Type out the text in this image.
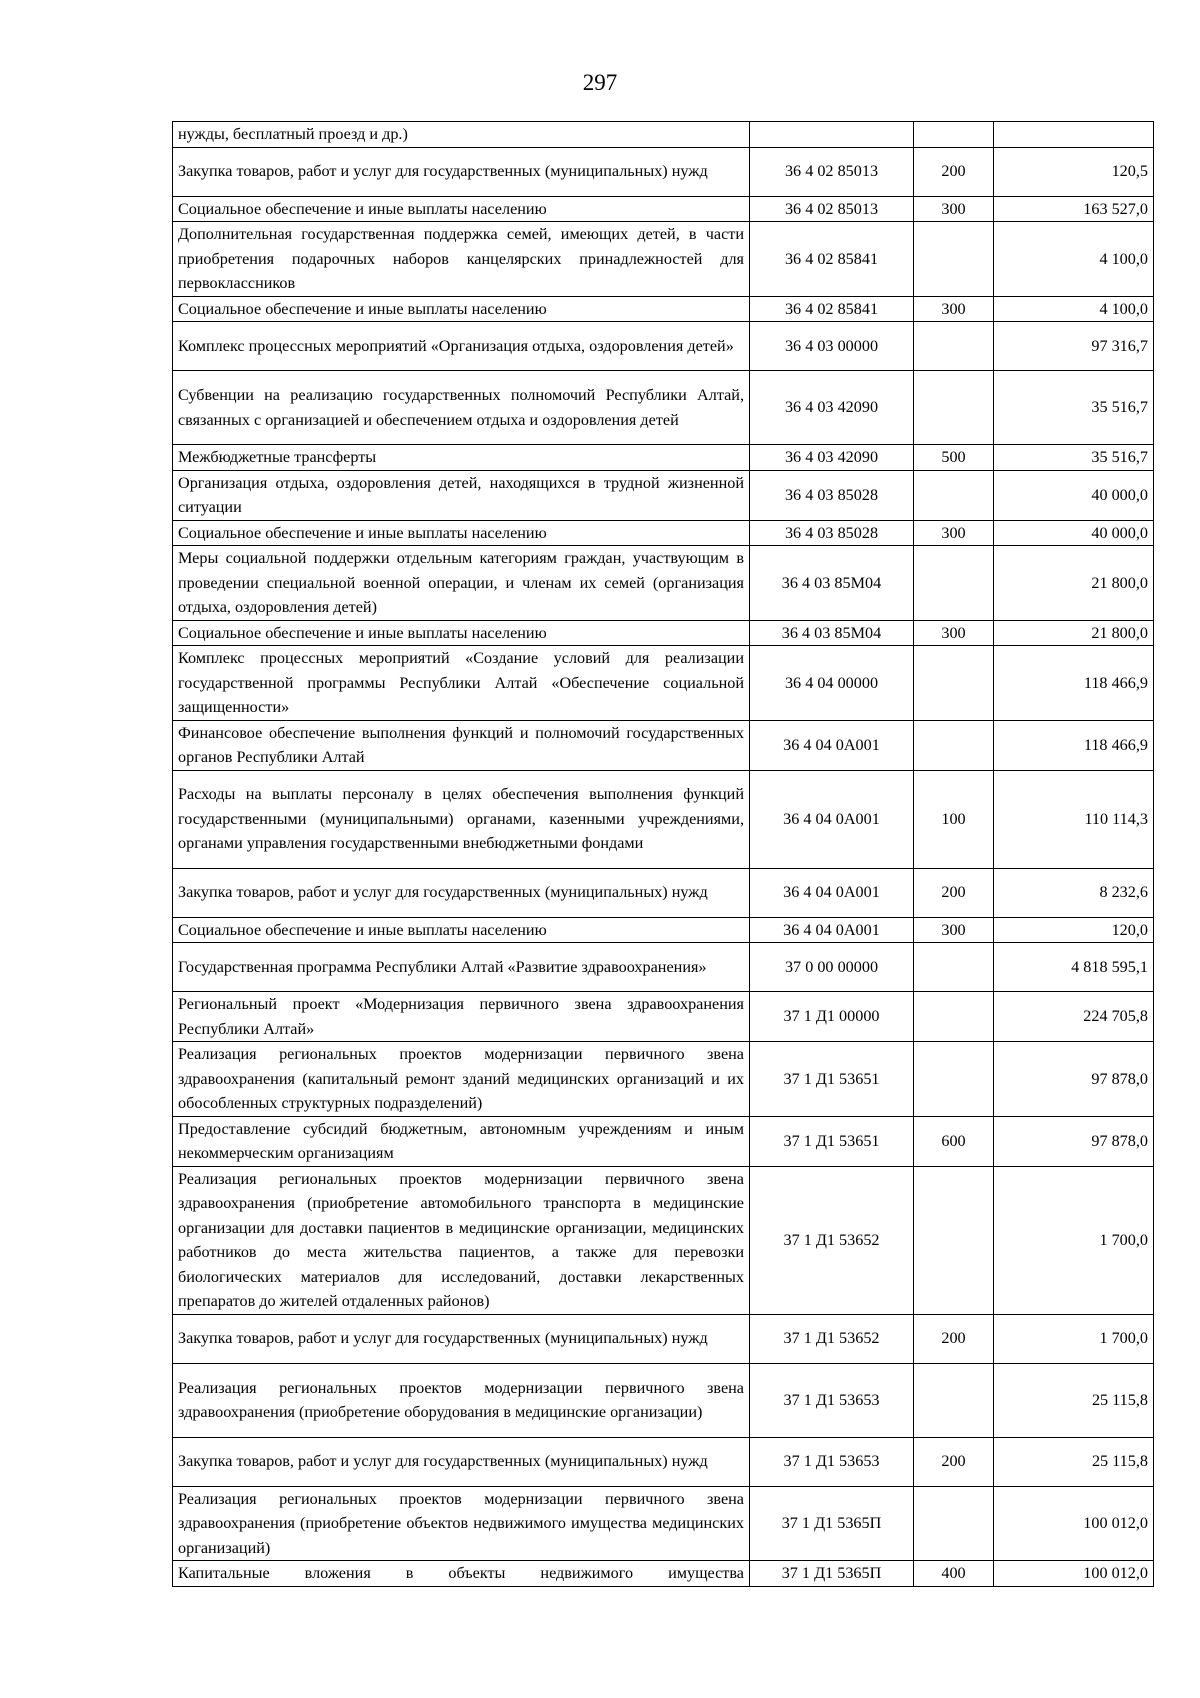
297
нужды, бесплатный проезд и др.)			
Закупка товаров, работ и услуг для государственных (муниципальных) нужд	36 4 02 85013	200	120,5
Социальное обеспечение и иные выплаты населению	36 4 02 85013	300	163 527,0
Дополнительная государственная поддержка семей, имеющих детей, в части приобретения подарочных наборов канцелярских принадлежностей для первоклассников	36 4 02 85841		4 100,0
Социальное обеспечение и иные выплаты населению	36 4 02 85841	300	4 100,0
Комплекс процессных мероприятий «Организация отдыха, оздоровления детей»	36 4 03 00000		97 316,7
Субвенции на реализацию государственных полномочий Республики Алтай, связанных с организацией и обеспечением отдыха и оздоровления детей	36 4 03 42090		35 516,7
Межбюджетные трансферты	36 4 03 42090	500	35 516,7
Организация отдыха, оздоровления детей, находящихся в трудной жизненной ситуации	36 4 03 85028		40 000,0
Социальное обеспечение и иные выплаты населению	36 4 03 85028	300	40 000,0
Меры социальной поддержки отдельным категориям граждан, участвующим в проведении специальной военной операции, и членам их семей (организация отдыха, оздоровления детей)	36 4 03 85М04		21 800,0
Социальное обеспечение и иные выплаты населению	36 4 03 85М04	300	21 800,0
Комплекс процессных мероприятий «Создание условий для реализации государственной программы Республики Алтай «Обеспечение социальной защищенности»	36 4 04 00000		118 466,9
Финансовое обеспечение выполнения функций и полномочий государственных органов Республики Алтай	36 4 04 0А001		118 466,9
Расходы на выплаты персоналу в целях обеспечения выполнения функций государственными (муниципальными) органами, казенными учреждениями, органами управления государственными внебюджетными фондами	36 4 04 0А001	100	110 114,3
Закупка товаров, работ и услуг для государственных (муниципальных) нужд	36 4 04 0А001	200	8 232,6
Социальное обеспечение и иные выплаты населению	36 4 04 0А001	300	120,0
Государственная программа Республики Алтай «Развитие здравоохранения»	37 0 00 00000		4 818 595,1
Региональный проект «Модернизация первичного звена здравоохранения Республики Алтай»	37 1 Д1 00000		224 705,8
Реализация региональных проектов модернизации первичного звена здравоохранения (капитальный ремонт зданий медицинских организаций и их обособленных структурных подразделений)	37 1 Д1 53651		97 878,0
Предоставление субсидий бюджетным, автономным учреждениям и иным некоммерческим организациям	37 1 Д1 53651	600	97 878,0
Реализация региональных проектов модернизации первичного звена здравоохранения (приобретение автомобильного транспорта в медицинские организации для доставки пациентов в медицинские организации, медицинских работников до места жительства пациентов, а также для перевозки биологических материалов для исследований, доставки лекарственных препаратов до жителей отдаленных районов)	37 1 Д1 53652		1 700,0
Закупка товаров, работ и услуг для государственных (муниципальных) нужд	37 1 Д1 53652	200	1 700,0
Реализация региональных проектов модернизации первичного звена здравоохранения (приобретение оборудования в медицинские организации)	37 1 Д1 53653		25 115,8
Закупка товаров, работ и услуг для государственных (муниципальных) нужд	37 1 Д1 53653	200	25 115,8
Реализация региональных проектов модернизации первичного звена здравоохранения (приобретение объектов недвижимого имущества медицинских организаций)	37 1 Д1 5365П		100 012,0
Капитальные вложения в объекты недвижимого имущества	37 1 Д1 5365П	400	100 012,0
